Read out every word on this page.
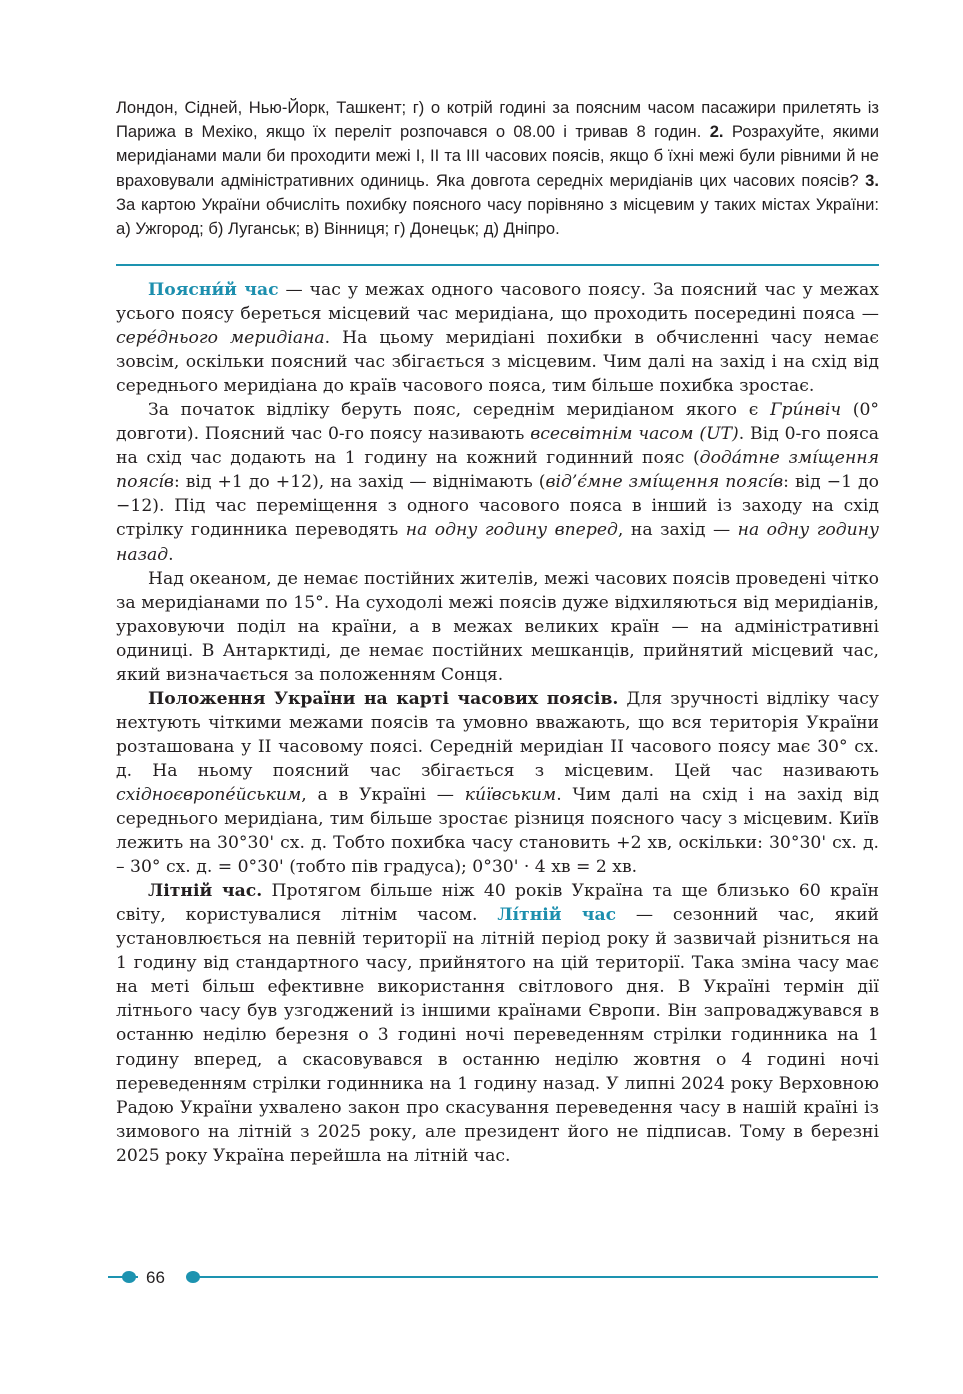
Лондон, Сідней, Нью-Йорк, Ташкент; г) о котрій годині за поясним часом пасажири прилетять із Парижа в Мехіко, якщо їх переліт розпочався о 08.00 і тривав 8 годин. 2. Розрахуйте, якими меридіанами мали би проходити межі І, ІІ та ІІІ часових поясів, якщо б їхні межі були рівними й не враховували адміністративних одиниць. Яка довгота середніх меридіанів цих часових поясів? 3. За картою України обчисліть похибку поясного часу порівняно з місцевим у таких містах України: а) Ужгород; б) Луганськ; в) Вінниця; г) Донецьк; д) Дніпро.

Поясни́й час — час у межах одного часового поясу. За поясний час у межах усього поясу береться місцевий час меридіана, що проходить посередині пояса — сере́днього меридіана. На цьому меридіані похибки в обчисленні часу немає зовсім, оскільки поясний час збігається з місцевим. Чим далі на захід і на схід від середнього меридіана до країв часового пояса, тим більше похибка зростає.

За початок відліку беруть пояс, середнім меридіаном якого є Гри́нвіч (0° довготи). Поясний час 0-го поясу називають всесвітнім часом (UT). Від 0-го пояса на схід час додають на 1 годину на кожний годинний пояс (дода́тне змі́щення поясі́в: від +1 до +12), на захід — віднімають (від’є́мне змі́щення поясі́в: від −1 до −12). Під час переміщення з одного часового пояса в інший із заходу на схід стрілку годинника переводять на одну годину вперед, на захід — на одну годину назад.

Над океаном, де немає постійних жителів, межі часових поясів проведені чітко за меридіанами по 15°. На суходолі межі поясів дуже відхиляються від меридіанів, ураховуючи поділ на країни, а в межах великих країн — на адміністративні одиниці. В Антарктиді, де немає постійних мешканців, прийнятий місцевий час, який визначається за положенням Сонця.

Положення України на карті часових поясів. Для зручності відліку часу нехтують чіткими межами поясів та умовно вважають, що вся територія України розташована у ІІ часовому поясі. Середній меридіан ІІ часового поясу має 30° сх. д. На ньому поясний час збігається з місцевим. Цей час називають східноєвропе́йським, а в Україні — ки́ївським. Чим далі на схід і на захід від середнього меридіана, тим більше зростає різниця поясного часу з місцевим. Київ лежить на 30°30' сх. д. Тобто похибка часу становить +2 хв, оскільки: 30°30' сх. д. – 30° сх. д. = 0°30' (тобто пів градуса); 0°30' · 4 хв = 2 хв.

Літній час. Протягом більше ніж 40 років Україна та ще близько 60 країн світу, користувалися літнім часом. Лі́тній час — сезонний час, який установлюється на певній території на літній період року й зазвичай різниться на 1 годину від стандартного часу, прийнятого на цій території. Така зміна часу має на меті більш ефективне використання світлового дня. В Україні термін дії літнього часу був узгоджений із іншими країнами Європи. Він запроваджувався в останню неділю березня о 3 годині ночі переведенням стрілки годинника на 1 годину вперед, а скасовувався в останню неділю жовтня о 4 годині ночі переведенням стрілки годинника на 1 годину назад. У липні 2024 року Верховною Радою України ухвалено закон про скасування переведення часу в нашій країні із зимового на літній з 2025 року, але президент його не підписав. Тому в березні 2025 року Україна перейшла на літній час.

66
